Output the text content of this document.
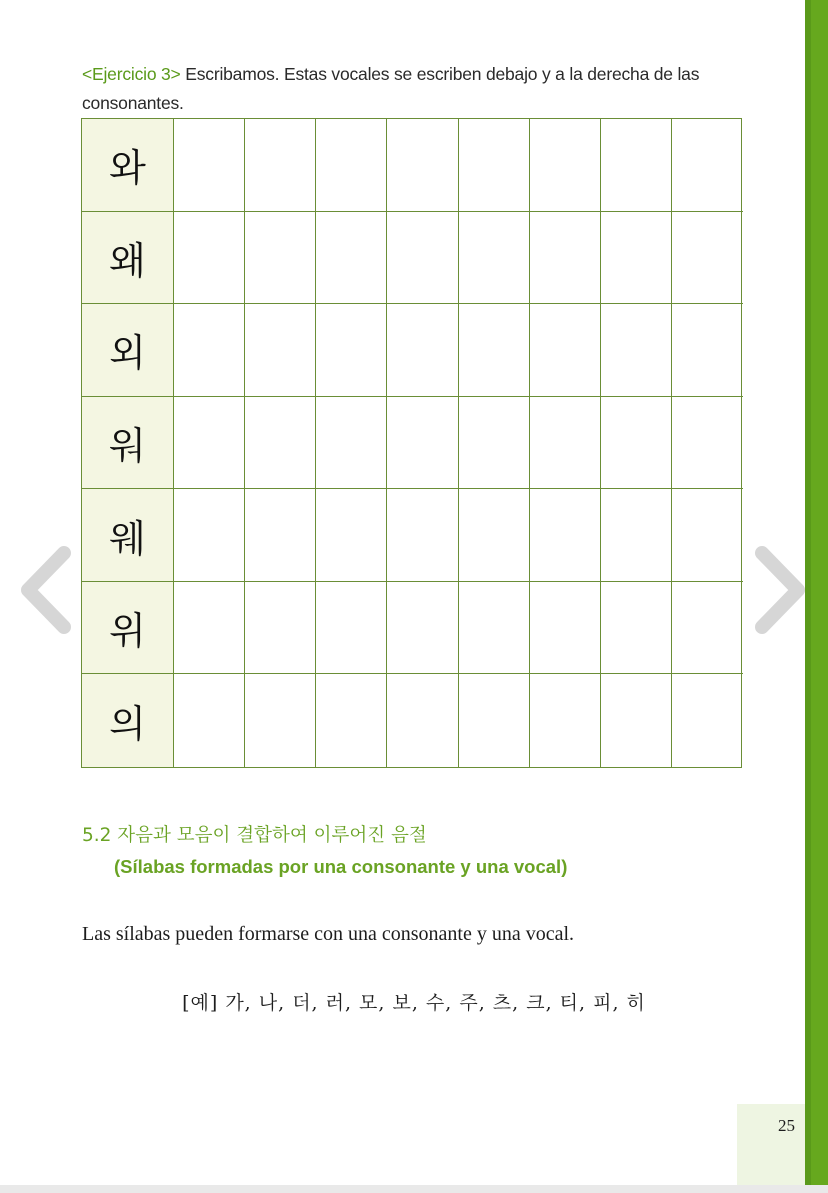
<Ejercicio 3> Escribamos. Estas vocales se escriben debajo y a la derecha de las consonantes.

와
왜
외
워
웨
위
의

5.2 자음과 모음이 결합하여 이루어진 음절

(Sílabas formadas por una consonante y una vocal)

Las sílabas pueden formarse con una consonante y una vocal.

[예] 가, 나, 더, 러, 모, 보, 수, 주, 츠, 크, 티, 피, 히

25
